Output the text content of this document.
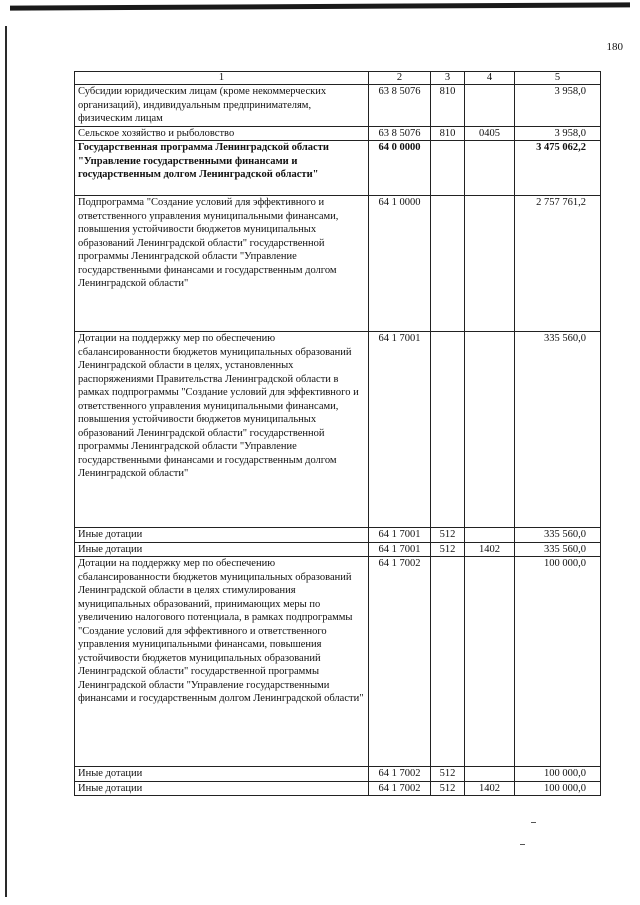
180
1	2	3	4	5
Субсидии юридическим лицам (кроме некоммерческих организаций), индивидуальным предпринимателям, физическим лицам	63 8 5076	810		3 958,0
Сельское хозяйство и рыболовство	63 8 5076	810	0405	3 958,0
Государственная программа Ленинградской области "Управление государственными финансами и государственным долгом Ленинградской области"	64 0 0000			3 475 062,2
Подпрограмма "Создание условий для эффективного и ответственного управления муниципальными финансами, повышения устойчивости бюджетов муниципальных образований Ленинградской области" государственной программы Ленинградской области "Управление государственными финансами и государственным долгом Ленинградской области"	64 1 0000			2 757 761,2
Дотации на поддержку мер по обеспечению сбалансированности бюджетов муниципальных образований Ленинградской области в целях, установленных распоряжениями Правительства Ленинградской области в рамках подпрограммы "Создание условий для эффективного и ответственного управления муниципальными финансами, повышения устойчивости бюджетов муниципальных образований Ленинградской области" государственной программы Ленинградской области "Управление государственными финансами и государственным долгом Ленинградской области"	64 1 7001			335 560,0
Иные дотации	64 1 7001	512		335 560,0
Иные дотации	64 1 7001	512	1402	335 560,0
Дотации на поддержку мер по обеспечению сбалансированности бюджетов муниципальных образований Ленинградской области в целях стимулирования муниципальных образований, принимающих меры по увеличению налогового потенциала, в рамках подпрограммы "Создание условий для эффективного и ответственного управления муниципальными финансами, повышения устойчивости бюджетов муниципальных образований Ленинградской области" государственной программы Ленинградской области "Управление государственными финансами и государственным долгом Ленинградской области"	64 1 7002			100 000,0
Иные дотации	64 1 7002	512		100 000,0
Иные дотации	64 1 7002	512	1402	100 000,0
